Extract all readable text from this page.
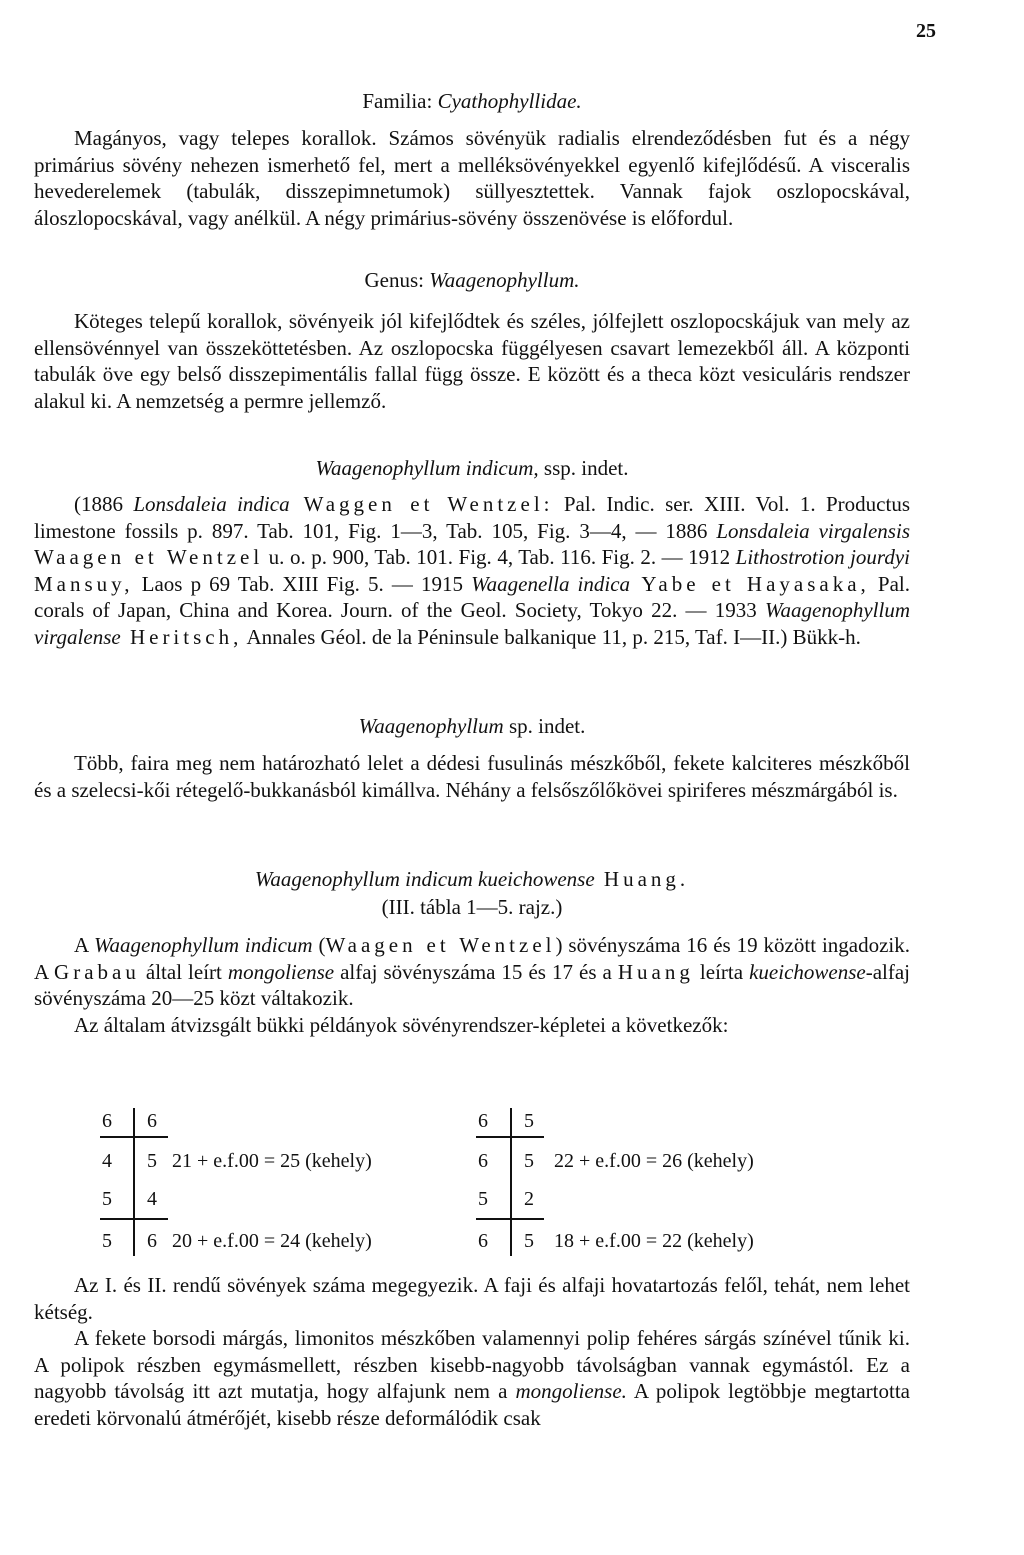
25
Familia: Cyathophyllidae.

Magányos, vagy telepes korallok. Számos sövényük radialis elrendeződésben fut és a négy primárius sövény nehezen ismerhető fel, mert a melléksövényekkel egyenlő kifejlődésű. A visceralis hevederelemek (tabulák, disszepimnetumok) süllyesztettek. Vannak fajok oszlopocskával, áloszlopocskával, vagy anélkül. A négy primárius-sövény összenövése is előfordul.

Genus: Waagenophyllum.

Köteges telepű korallok, sövényeik jól kifejlődtek és széles, jólfejlett oszlopocskájuk van mely az ellensövénnyel van összeköttetésben. Az oszlopocska függélyesen csavart lemezekből áll. A központi tabulák öve egy belső disszepimentális fallal függ össze. E között és a theca közt vesiculáris rendszer alakul ki. A nemzetség a permre jellemző.

Waagenophyllum indicum, ssp. indet.

(1886 Lonsdaleia indica Waggen et Wentzel: Pal. Indic. ser. XIII. Vol. 1. Productus limestone fossils p. 897. Tab. 101, Fig. 1—3, Tab. 105, Fig. 3—4, — 1886 Lonsdaleia virgalensis Waagen et Wentzel u. o. p. 900, Tab. 101. Fig. 4, Tab. 116. Fig. 2. — 1912 Lithostrotion jourdyi Mansuy, Laos p 69 Tab. XIII Fig. 5. — 1915 Waagenella indica Yabe et Hayasaka, Pal. corals of Japan, China and Korea. Journ. of the Geol. Society, Tokyo 22. — 1933 Waagenophyllum virgalense Heritsch, Annales Géol. de la Péninsule balkanique 11, p. 215, Taf. I—II.) Bükk-h.

Waagenophyllum sp. indet.

Több, faira meg nem határozható lelet a dédesi fusulinás mészkőből, fekete kalciteres mészkőből és a szelecsi-kői rétegelő-bukkanásból kimállva. Néhány a felsőszőlőkövei spiriferes mészmárgából is.

Waagenophyllum indicum kueichowense Huang.
(III. tábla 1—5. rajz.)

A Waagenophyllum indicum (Waagen et Wentzel) sövényszáma 16 és 19 között ingadozik. A Grabau által leírt mongoliense alfaj sövényszáma 15 és 17 és a Huang leírta kueichowense-alfaj sövényszáma 20—25 közt váltakozik.

Az általam átvizsgált bükki példányok sövényrendszer-képletei a következők:

6 6	6 5
4 5 21 + e.f.00 = 25 (kehely)	6 5 22 + e.f.00 = 26 (kehely)
5 4	5 2
5 6 20 + e.f.00 = 24 (kehely)	6 5 18 + e.f.00 = 22 (kehely)

Az I. és II. rendű sövények száma megegyezik. A faji és alfaji hovatartozás felől, tehát, nem lehet kétség.

A fekete borsodi márgás, limonitos mészkőben valamennyi polip fehéres sárgás színével tűnik ki. A polipok részben egymásmellett, részben kisebb-nagyobb távolságban vannak egymástól. Ez a nagyobb távolság itt azt mutatja, hogy alfajunk nem a mongoliense. A polipok legtöbbje megtartotta eredeti körvonalú átmérőjét, kisebb része deformálódik csak
